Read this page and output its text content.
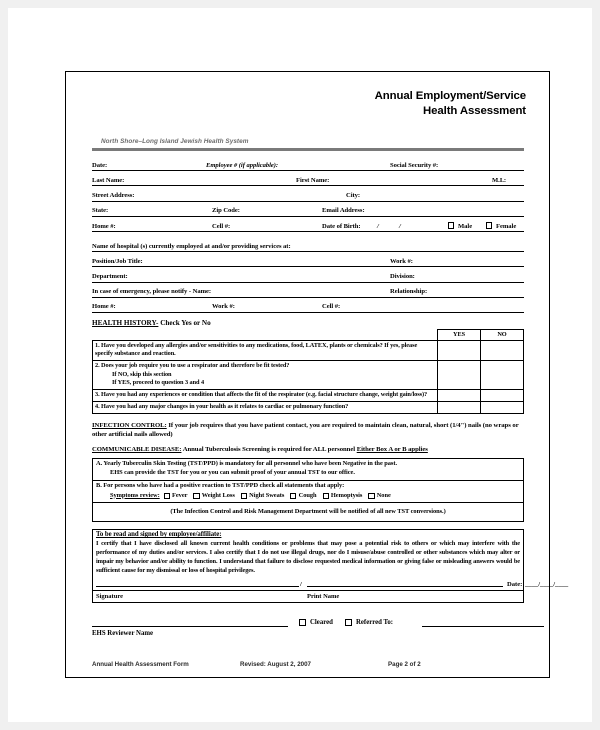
Annual Employment/Service
Health Assessment
North Shore–Long Island Jewish Health System
Date:	Employee # (if applicable):	Social Security #:
Last Name:	First Name:	M.I.:
Street Address:	City:
State:	Zip Code:	Email Address:
Home #:	Cell #:	Date of Birth:	/	/	Male	Female
Name of hospital (s) currently employed at and/or providing services at:
Position/Job Title:	Work #:
Department:	Division:
In case of emergency, please notify - Name:	Relationship:
Home #:	Work #:	Cell #:
HEALTH HISTORY- Check Yes or No
	YES	NO
1. Have you developed any allergies and/or sensitivities to any medications, food, LATEX, plants or chemicals? If yes, please specify substance and reaction.		
2. Does your job require you to use a respirator and therefore be fit tested?
If NO, skip this section
If YES, proceed to question 3 and 4		

3. Have you had any experiences or condition that affects the fit of the respirator (e.g. facial structure change, weight gain/loss)?		
4. Have you had any major changes in your health as it relates to cardiac or pulmonary function?		
INFECTION CONTROL: If your job requires that you have patient contact, you are required to maintain clean, natural, short (1/4") nails (no wraps or other artificial nails allowed)
COMMUNICABLE DISEASE: Annual Tuberculosis Screening is required for ALL personnel Either Box A or B applies
A. Yearly Tuberculin Skin Testing (TST/PPD) is mandatory for all personnel who have been Negative in the past.
EHS can provide the TST for you or you can submit proof of your annual TST to our office.
B. For persons who have had a positive reaction to TST/PPD check all statements that apply:
Symptoms review: Fever Weight Loss Night Sweats Cough Hemoptysis None
(The Infection Control and Risk Management Department will be notified of all new TST conversions.)
To be read and signed by employee/affiliate:
I certify that I have disclosed all known current health conditions or problems that may pose a potential risk to others or which may interfere with the performance of my duties and/or services. I also certify that I do not use illegal drugs, nor do I misuse/abuse controlled or other substances which may alter or impair my behavior and/or ability to function. I understand that failure to disclose requested medical information or giving false or misleading answers would be sufficient cause for my dismissal or loss of hospital privileges.
/	Date: ____/____/____
Signature	Print Name
EHS Reviewer Name
Cleared	Referred To:
Annual Health Assessment Form	Revised: August 2, 2007	Page 2 of 2
